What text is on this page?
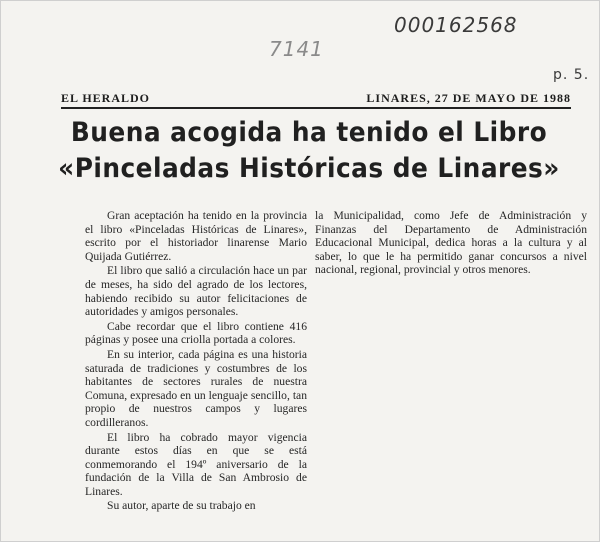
7141
000162568
p. 5.
EL HERALDO	LINARES, 27 DE MAYO DE 1988
Buena acogida ha tenido el Libro
«Pinceladas Históricas de Linares»

Gran aceptación ha tenido en la provincia el libro «Pinceladas Históricas de Linares», escrito por el historiador linarense Mario Quijada Gutiérrez.

El libro que salió a circulación hace un par de meses, ha sido del agrado de los lectores, habiendo recibido su autor felicitaciones de autoridades y amigos personales.

Cabe recordar que el libro contiene 416 páginas y posee una criolla portada a colores.

En su interior, cada página es una historia saturada de tradiciones y costumbres de los habitantes de sectores rurales de nuestra Comuna, expresado en un lenguaje sencillo, tan propio de nuestros campos y lugares cordilleranos.

El libro ha cobrado mayor vigencia durante estos días en que se está conmemorando el 194º aniversario de la fundación de la Villa de San Ambrosio de Linares.

Su autor, aparte de su trabajo en

la Municipalidad, como Jefe de Administración y Finanzas del Departamento de Administración Educacional Municipal, dedica horas a la cultura y al saber, lo que le ha permitido ganar concursos a nivel nacional, regional, provincial y otros menores.
